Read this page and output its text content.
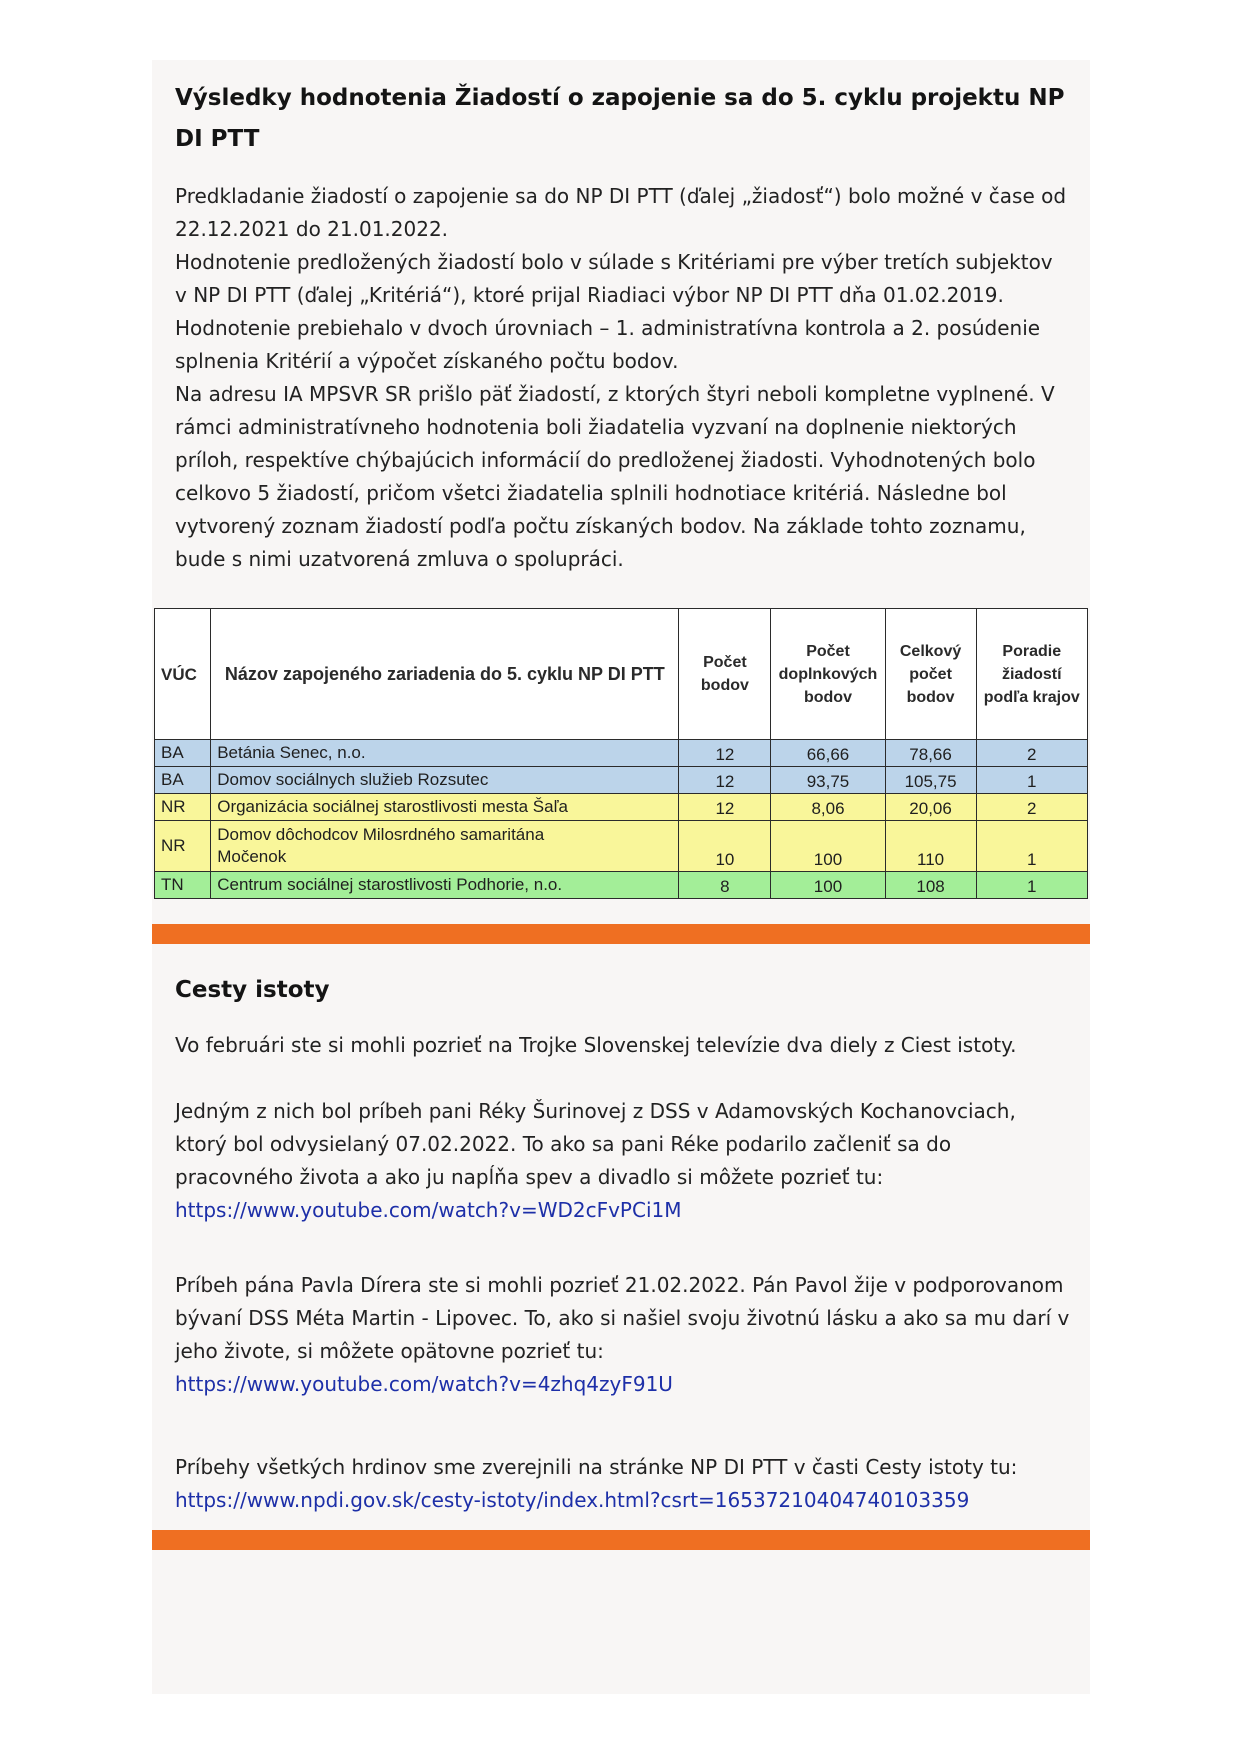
Výsledky hodnotenia Žiadostí o zapojenie sa do 5. cyklu projektu NP DI PTT

Predkladanie žiadostí o zapojenie sa do NP DI PTT (ďalej „žiadosť“) bolo možné v čase od 22.12.2021 do 21.01.2022.

Hodnotenie predložených žiadostí bolo v súlade s Kritériami pre výber tretích subjektov v NP DI PTT (ďalej „Kritériá“), ktoré prijal Riadiaci výbor NP DI PTT dňa 01.02.2019.

Hodnotenie prebiehalo v dvoch úrovniach – 1. administratívna kontrola a 2. posúdenie splnenia Kritérií a výpočet získaného počtu bodov.

Na adresu IA MPSVR SR prišlo päť žiadostí, z ktorých štyri neboli kompletne vyplnené. V rámci administratívneho hodnotenia boli žiadatelia vyzvaní na doplnenie niektorých príloh, respektíve chýbajúcich informácií do predloženej žiadosti. Vyhodnotených bolo celkovo 5 žiadostí, pričom všetci žiadatelia splnili hodnotiace kritériá. Následne bol vytvorený zoznam žiadostí podľa počtu získaných bodov. Na základe tohto zoznamu, bude s nimi uzatvorená zmluva o spolupráci.

VÚC	Názov zapojeného zariadenia do 5. cyklu NP DI PTT	Počet bodov	Počet doplnkových bodov	Celkový počet bodov	Poradie žiadostí podľa krajov
BA	Betánia Senec, n.o.	12	66,66	78,66	2
BA	Domov sociálnych služieb Rozsutec	12	93,75	105,75	1
NR	Organizácia sociálnej starostlivosti mesta Šaľa	12	8,06	20,06	2
NR	Domov dôchodcov Milosrdného samaritána Močenok	10	100	110	1
TN	Centrum sociálnej starostlivosti Podhorie, n.o.	8	100	108	1
Cesty istoty

Vo februári ste si mohli pozrieť na Trojke Slovenskej televízie dva diely z Ciest istoty.

Jedným z nich bol príbeh pani Réky Šurinovej z DSS v Adamovských Kochanovciach, ktorý bol odvysielaný 07.02.2022. To ako sa pani Réke podarilo začleniť sa do pracovného života a ako ju napĺňa spev a divadlo si môžete pozrieť tu:

https://www.youtube.com/watch?v=WD2cFvPCi1M

Príbeh pána Pavla Dírera ste si mohli pozrieť 21.02.2022. Pán Pavol žije v podporovanom bývaní DSS Méta Martin - Lipovec. To, ako si našiel svoju životnú lásku a ako sa mu darí v jeho živote, si môžete opätovne pozrieť tu:

https://www.youtube.com/watch?v=4zhq4zyF91U

Príbehy všetkých hrdinov sme zverejnili na stránke NP DI PTT v časti Cesty istoty tu:

https://www.npdi.gov.sk/cesty-istoty/index.html?csrt=16537210404740103359
